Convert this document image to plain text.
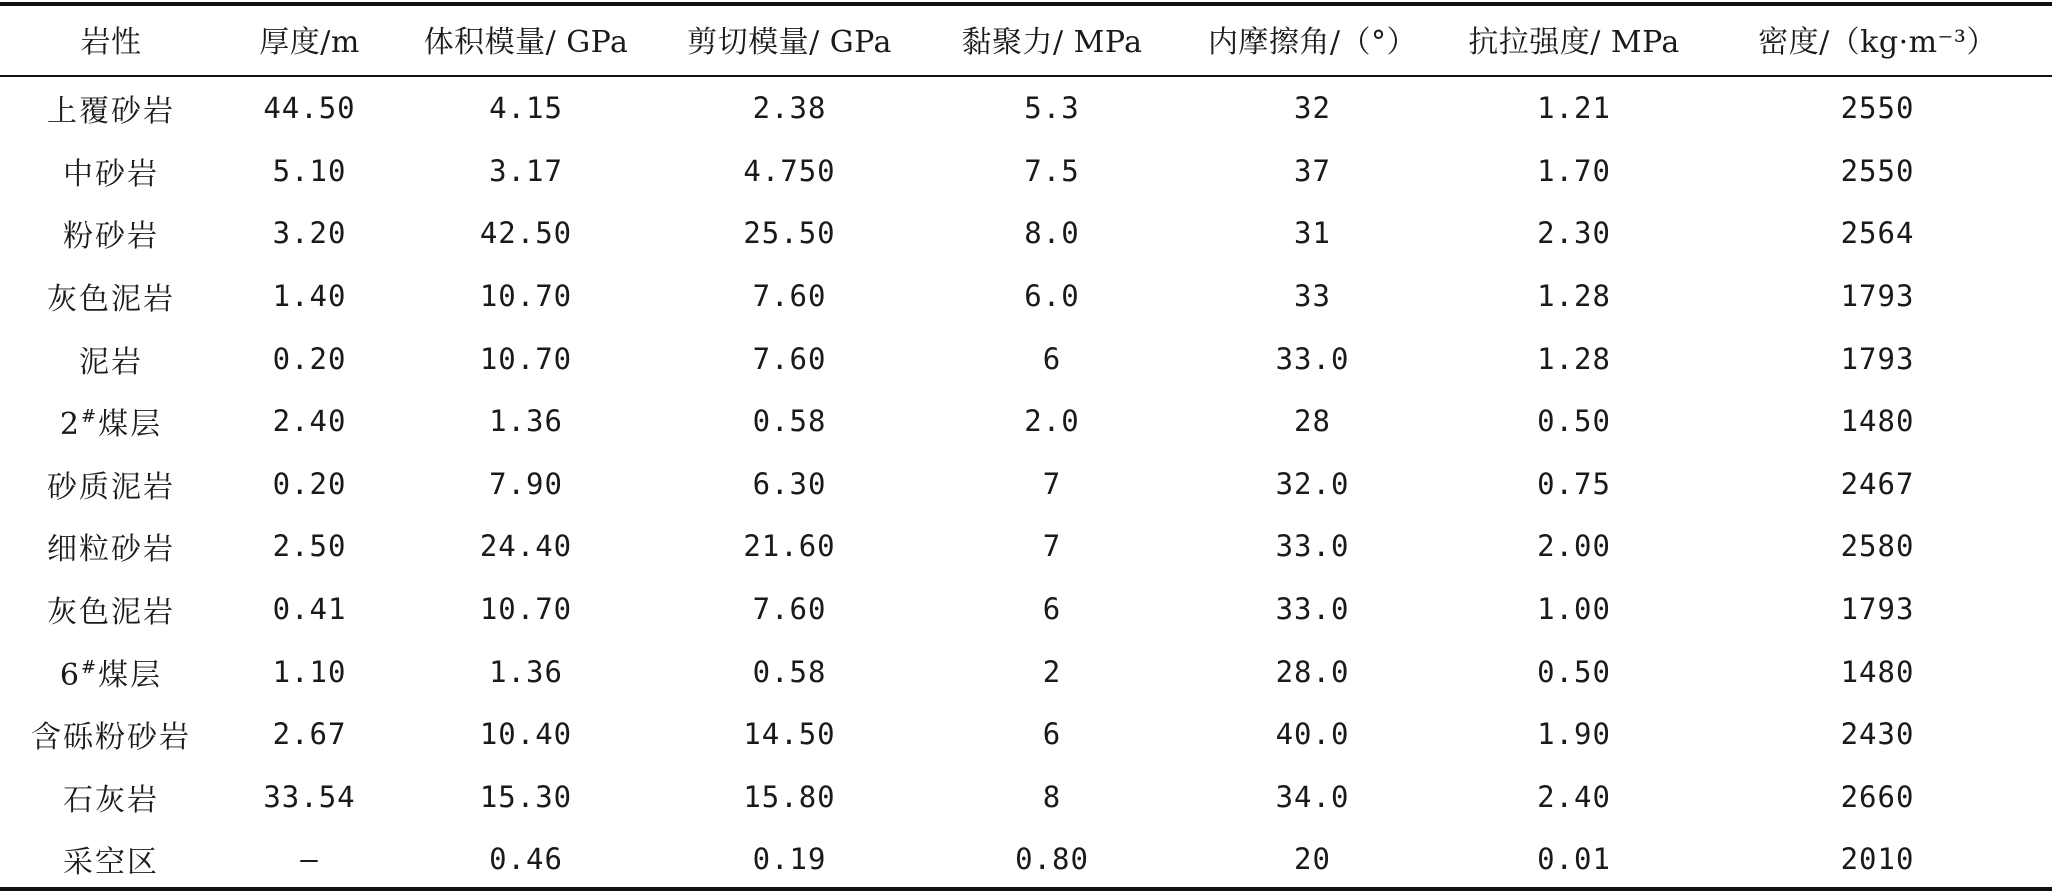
岩性	厚度/m	体积模量/ GPa	剪切模量/ GPa	黏聚力/ MPa	内摩擦角/（°）	抗拉强度/ MPa	密度/（kg·m⁻³）
上覆砂岩	44.50	4.15	2.38	5.3	32	1.21	2550
中砂岩	5.10	3.17	4.750	7.5	37	1.70	2550
粉砂岩	3.20	42.50	25.50	8.0	31	2.30	2564
灰色泥岩	1.40	10.70	7.60	6.0	33	1.28	1793
泥岩	0.20	10.70	7.60	6	33.0	1.28	1793
2#煤层	2.40	1.36	0.58	2.0	28	0.50	1480
砂质泥岩	0.20	7.90	6.30	7	32.0	0.75	2467
细粒砂岩	2.50	24.40	21.60	7	33.0	2.00	2580
灰色泥岩	0.41	10.70	7.60	6	33.0	1.00	1793
6#煤层	1.10	1.36	0.58	2	28.0	0.50	1480
含砾粉砂岩	2.67	10.40	14.50	6	40.0	1.90	2430
石灰岩	33.54	15.30	15.80	8	34.0	2.40	2660
采空区	—	0.46	0.19	0.80	20	0.01	2010
